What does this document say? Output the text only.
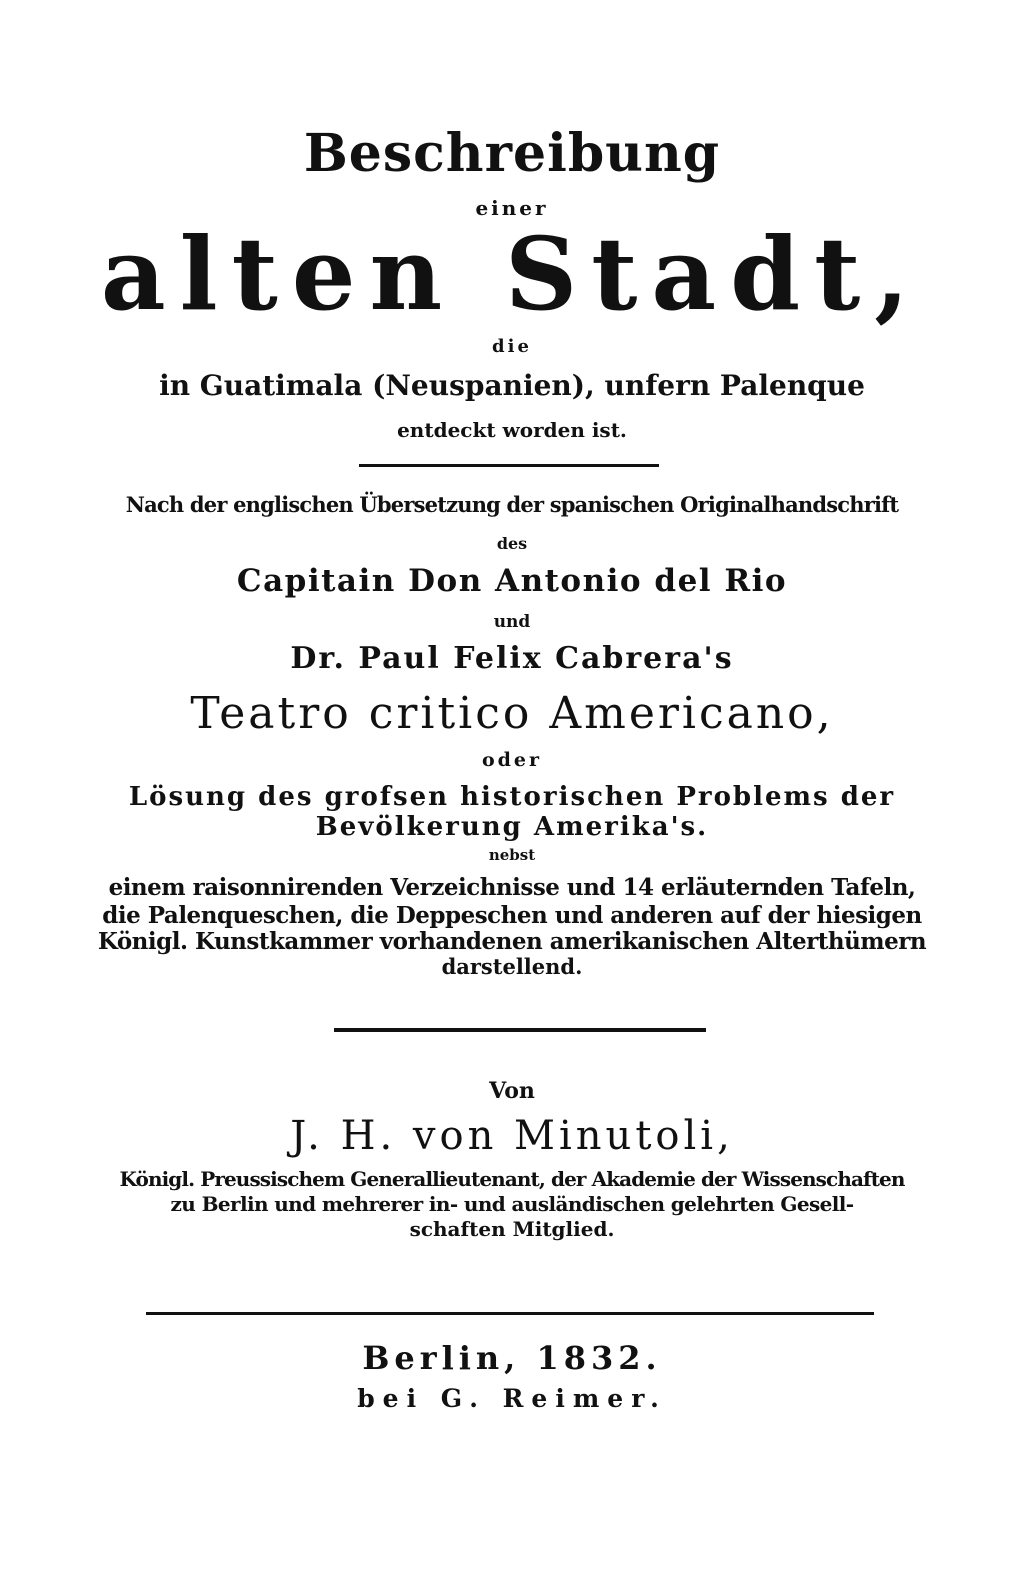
Beschreibung
einer
alten Stadt,
die
in Guatimala (Neuspanien), unfern Palenque
entdeckt worden ist.
Nach der englischen Übersetzung der spanischen Originalhandschrift
des
Capitain Don Antonio del Rio
und
Dr. Paul Felix Cabrera's
Teatro critico Americano,
oder
Lösung des grofsen historischen Problems der
Bevölkerung Amerika's.
nebst
einem raisonnirenden Verzeichnisse und 14 erläuternden Tafeln,
die Palenqueschen, die Deppeschen und anderen auf der hiesigen
Königl. Kunstkammer vorhandenen amerikanischen Alterthümern
darstellend.
Von
J. H. von Minutoli,
Königl. Preussischem Generallieutenant, der Akademie der Wissenschaften
zu Berlin und mehrerer in- und ausländischen gelehrten Gesell-
schaften Mitglied.
Berlin, 1832.
bei G. Reimer.
